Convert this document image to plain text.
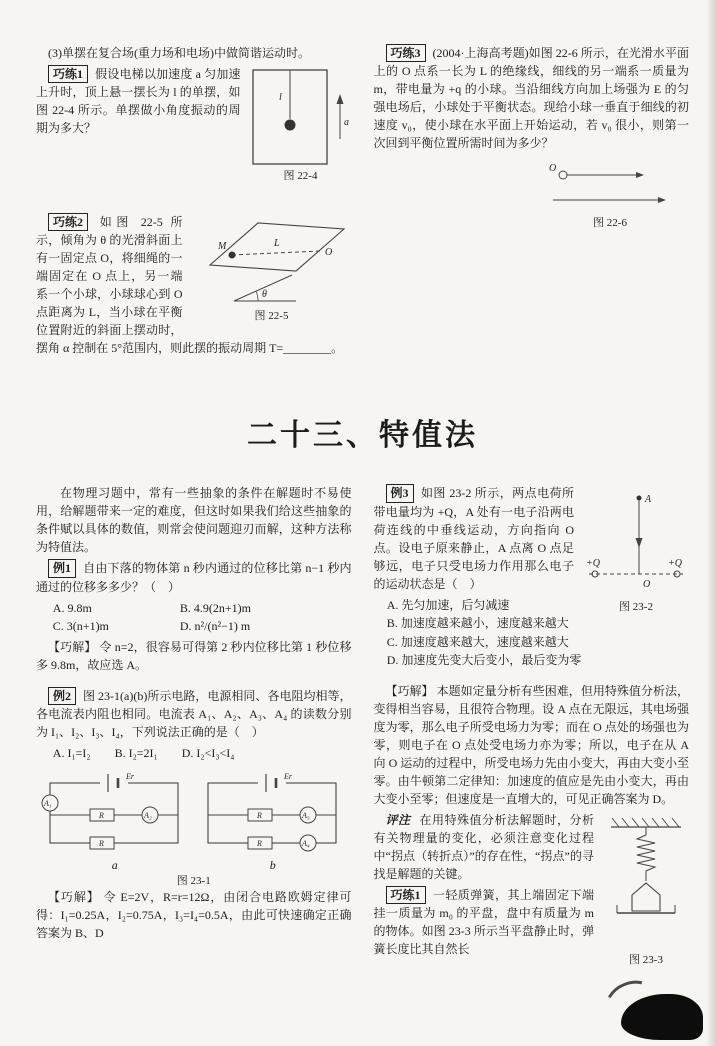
(3)单摆在复合场(重力场和电场)中做简谐运动时。

l
a
图 22-4

巧练1 假设电梯以加速度 a 匀加速上升时，顶上悬一摆长为 l 的单摆，如图 22-4 所示。单摆做小角度振动的周期为多大？

M	L
O
θ
图 22-5

巧练2 如图 22-5 所示，倾角为 θ 的光滑斜面上有一固定点 O，将细绳的一端固定在 O 点上，另一端系一个小球，小球球心到 O 点距离为 L，当小球在平衡位置附近的斜面上摆动时，摆角 α 控制在 5°范围内，则此摆的振动周期 T=________。

巧练3 (2004·上海高考题)如图 22-6 所示，在光滑水平面上的 O 点系一长为 L 的绝缘线，细线的另一端系一质量为 m，带电量为 +q 的小球。当沿细线方向加上场强为 E 的匀强电场后，小球处于平衡状态。现给小球一垂直于细线的初速度 v₀，使小球在水平面上开始运动，若 v₀ 很小，则第一次回到平衡位置所需时间为多少？

O
图 22-6
二十三、特值法

在物理习题中，常有一些抽象的条件在解题时不易使用，给解题带来一定的难度，但这时如果我们给这些抽象的条件赋以具体的数值，则常会使问题迎刃而解，这种方法称为特值法。

例1 自由下落的物体第 n 秒内通过的位移比第 n−1 秒内通过的位移多多少？（　）

A. 9.8m	B. 4.9(2n+1)m
C. 3(n+1)m	D. n²/(n²−1) m

【巧解】 令 n=2，很容易可得第 2 秒内位移比第 1 秒位移多 9.8m，故应选 A。

例2 图 23-1(a)(b)所示电路，电源相同、各电阻均相等，各电流表内阻也相同。电流表 A₁、A₂、A₃、A₄ 的读数分别为 I₁、I₂、I₃、I₄，下列说法正确的是（　）

A. I₁=I₂ B. I₂=2I₁ D. I₂<I₃<I₄
Er
A₁
R	A₂
R
a
Er
R	A₃
R	A₄
b
图 23-1

【巧解】 令 E=2V，R=r=12Ω，由闭合电路欧姆定律可得：I₁=0.25A，I₂=0.75A，I₃=I₄=0.5A，由此可快速确定正确答案为 B、D

A
+Q	+Q
O
图 23-2

例3 如图 23-2 所示，两点电荷所带电量均为 +Q，A 处有一电子沿两电荷连线的中垂线运动，方向指向 O 点。设电子原来静止，A 点离 O 点足够远，电子只受电场力作用那么电子的运动状态是（　）

A. 先匀加速，后匀减速
B. 加速度越来越小，速度越来越大
C. 加速度越来越大，速度越来越大
D. 加速度先变大后变小，最后变为零

【巧解】 本题如定量分析有些困难，但用特殊值分析法，变得相当容易，且很符合物理。设 A 点在无限远，其电场强度为零，那么电子所受电场力为零；而在 O 点处的场强也为零，则电子在 O 点处受电场力亦为零；所以，电子在从 A 向 O 运动的过程中，所受电场力先由小变大，再由大变小至零。由牛顿第二定律知：加速度的值应是先由小变大，再由大变小至零；但速度是一直增大的，可见正确答案为 D。

图 23-3

评注 在用特殊值分析法解题时，分析有关物理量的变化，必须注意变化过程中“拐点（转折点）”的存在性，“拐点”的寻找是解题的关键。

巧练1 一轻质弹簧，其上端固定下端挂一质量为 m₀ 的平盘，盘中有质量为 m 的物体。如图 23-3 所示当平盘静止时，弹簧长度比其自然长
